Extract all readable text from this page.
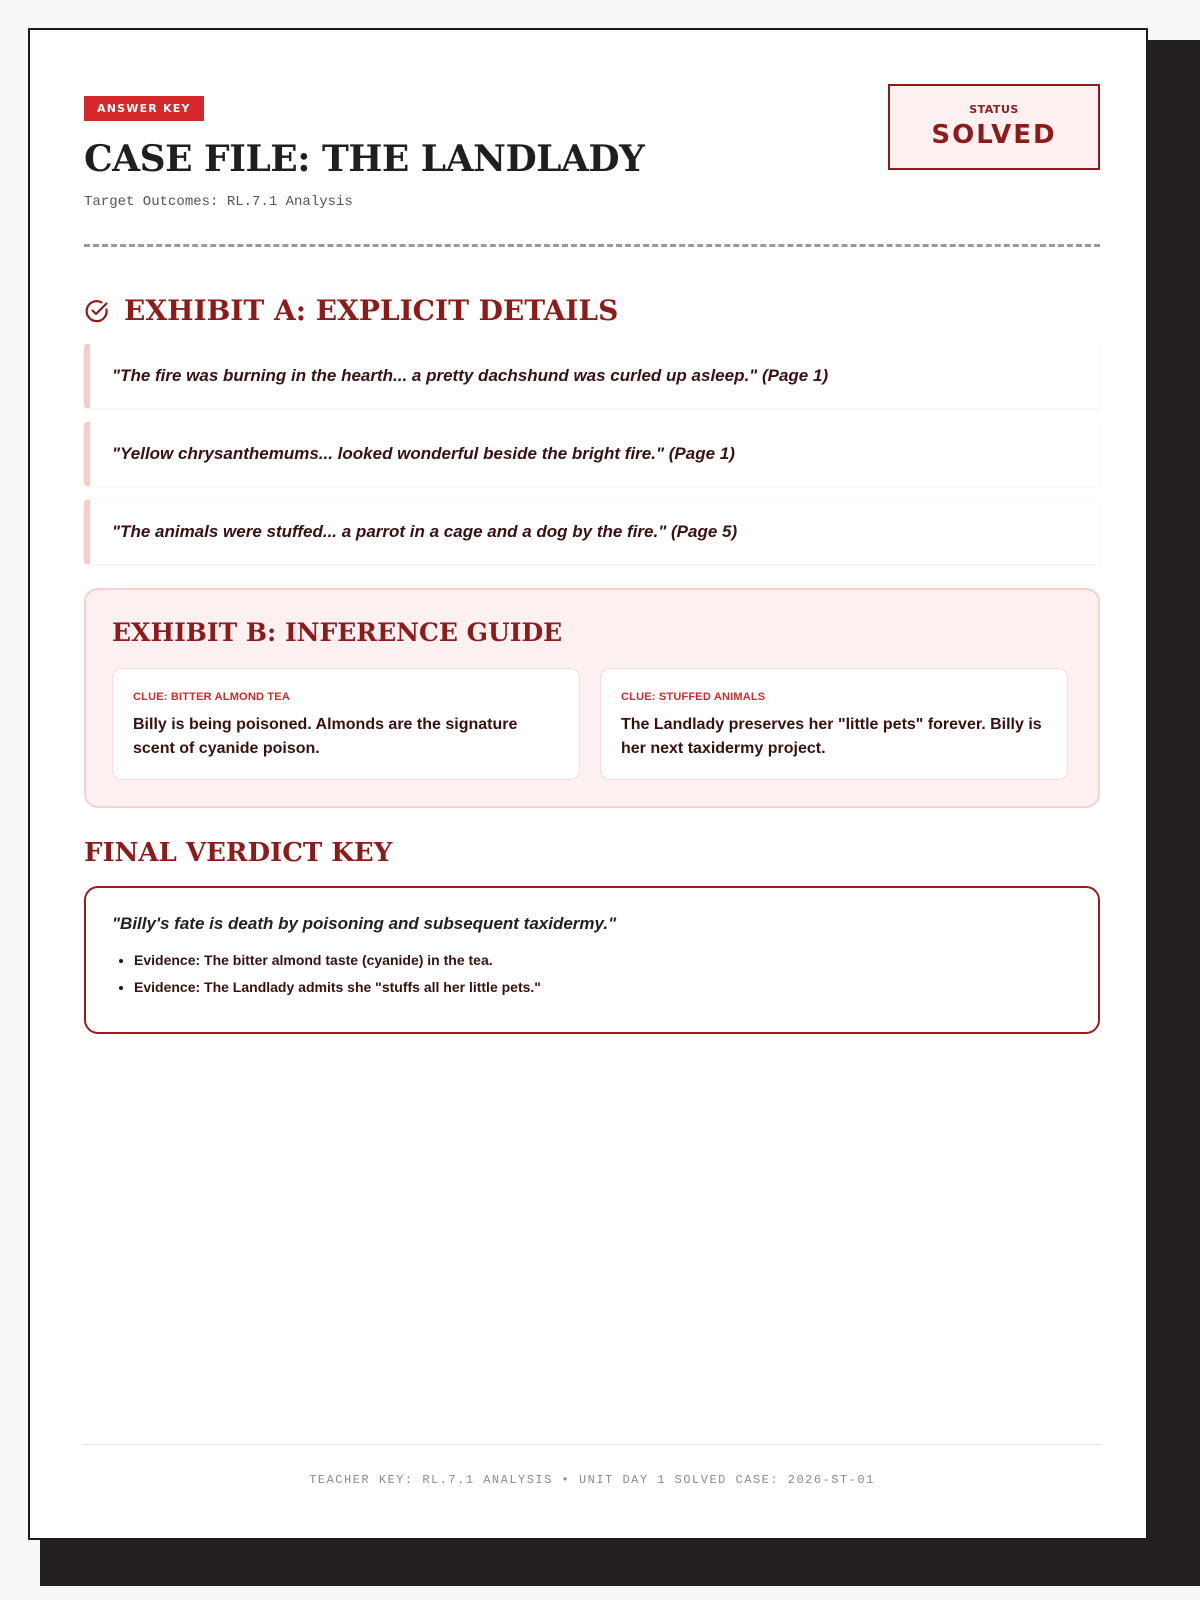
ANSWER KEY
CASE FILE: THE LANDLADY
Target Outcomes: RL.7.1 Analysis
STATUS
SOLVED
EXHIBIT A: EXPLICIT DETAILS
"The fire was burning in the hearth... a pretty dachshund was curled up asleep." (Page 1)
"Yellow chrysanthemums... looked wonderful beside the bright fire." (Page 1)
"The animals were stuffed... a parrot in a cage and a dog by the fire." (Page 5)
EXHIBIT B: INFERENCE GUIDE
CLUE: BITTER ALMOND TEA
Billy is being poisoned. Almonds are the signature scent of cyanide poison.
CLUE: STUFFED ANIMALS
The Landlady preserves her "little pets" forever. Billy is her next taxidermy project.
FINAL VERDICT KEY
"Billy's fate is death by poisoning and subsequent taxidermy."
• Evidence: The bitter almond taste (cyanide) in the tea.
• Evidence: The Landlady admits she "stuffs all her little pets."
TEACHER KEY: RL.7.1 ANALYSIS • UNIT DAY 1 SOLVED CASE: 2026-ST-01
